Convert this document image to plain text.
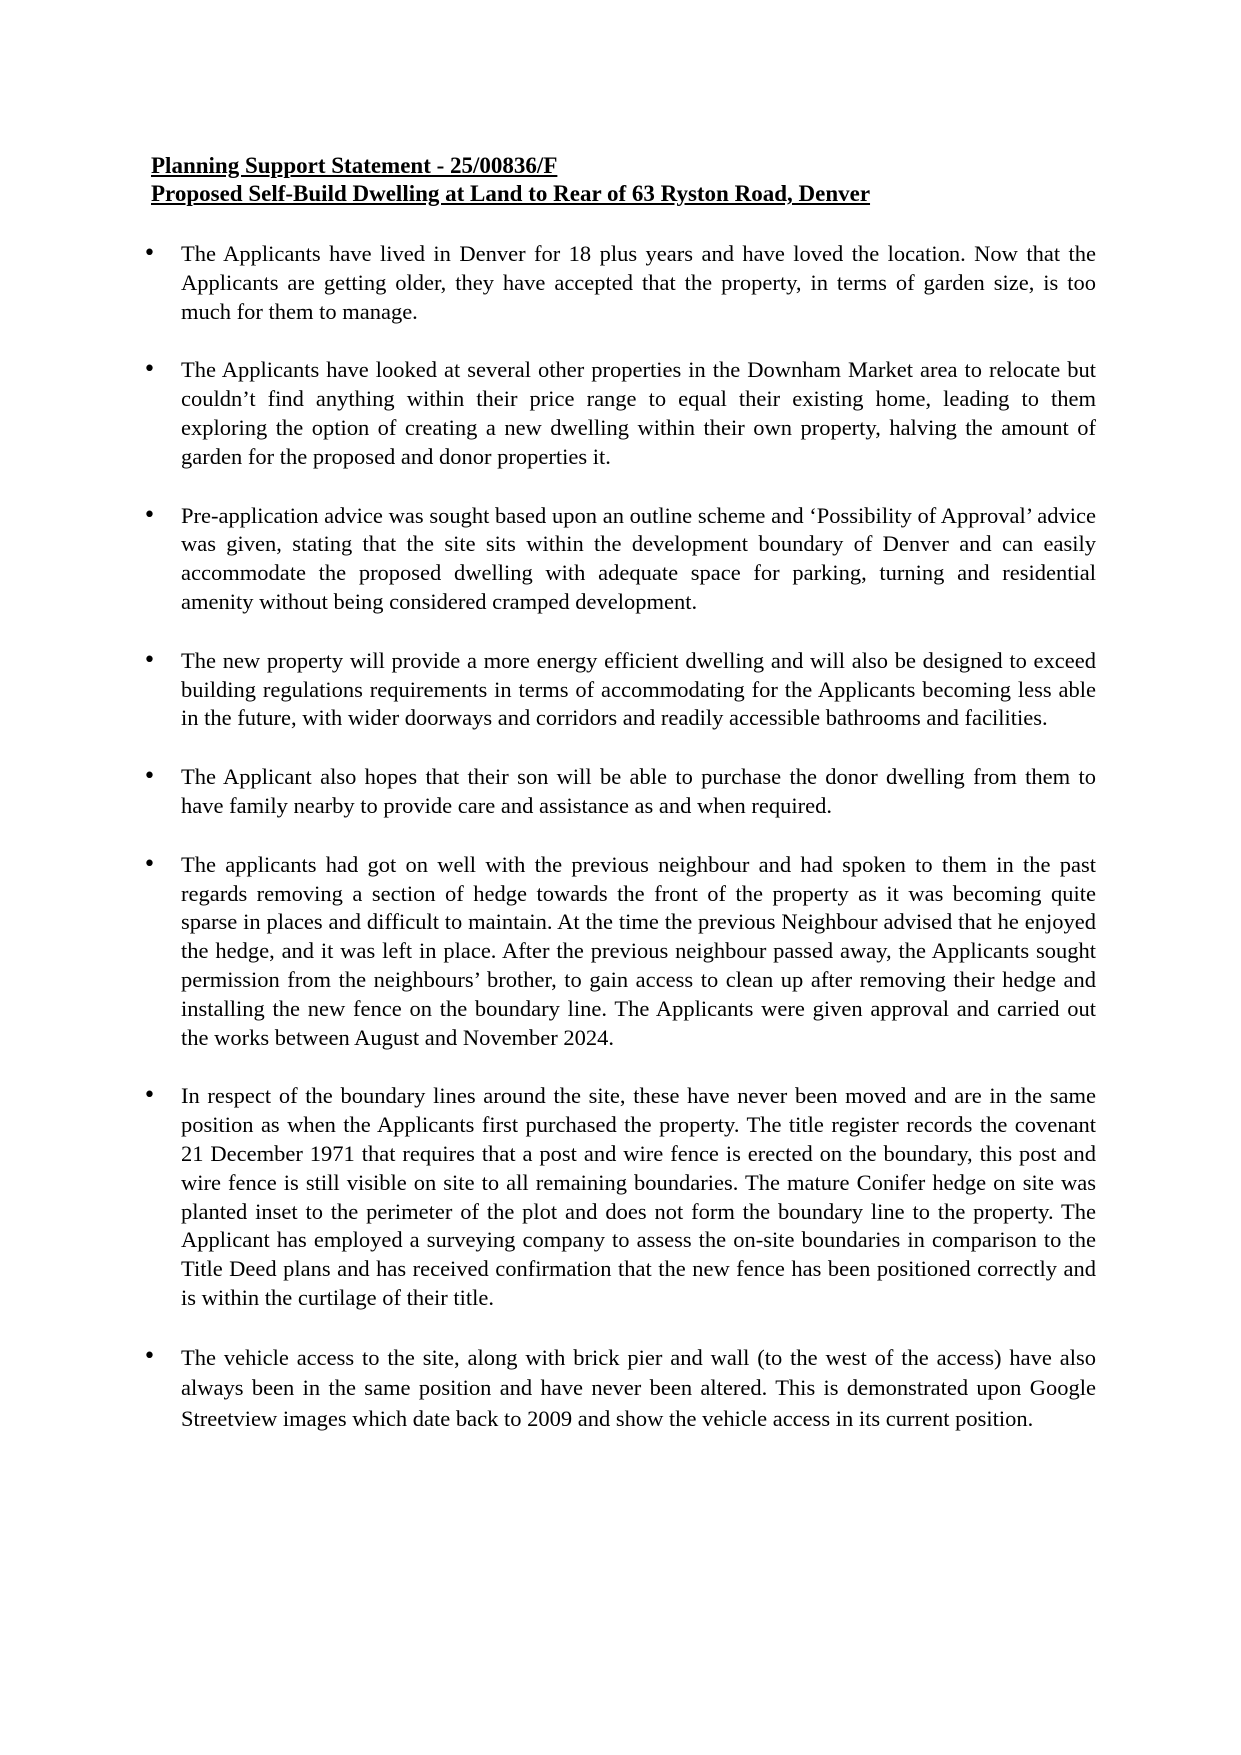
Planning Support Statement - 25/00836/F
Proposed Self-Build Dwelling at Land to Rear of 63 Ryston Road, Denver
• The Applicants have lived in Denver for 18 plus years and have loved the location. Now that the Applicants are getting older, they have accepted that the property, in terms of garden size, is too much for them to manage.
• The Applicants have looked at several other properties in the Downham Market area to relocate but couldn’t find anything within their price range to equal their existing home, leading to them exploring the option of creating a new dwelling within their own property, halving the amount of garden for the proposed and donor properties it.
• Pre-application advice was sought based upon an outline scheme and ‘Possibility of Approval’ advice was given, stating that the site sits within the development boundary of Denver and can easily accommodate the proposed dwelling with adequate space for parking, turning and residential amenity without being considered cramped development.
• The new property will provide a more energy efficient dwelling and will also be designed to exceed building regulations requirements in terms of accommodating for the Applicants becoming less able in the future, with wider doorways and corridors and readily accessible bathrooms and facilities.
• The Applicant also hopes that their son will be able to purchase the donor dwelling from them to have family nearby to provide care and assistance as and when required.
• The applicants had got on well with the previous neighbour and had spoken to them in the past regards removing a section of hedge towards the front of the property as it was becoming quite sparse in places and difficult to maintain. At the time the previous Neighbour advised that he enjoyed the hedge, and it was left in place. After the previous neighbour passed away, the Applicants sought permission from the neighbours’ brother, to gain access to clean up after removing their hedge and installing the new fence on the boundary line. The Applicants were given approval and carried out the works between August and November 2024.
• In respect of the boundary lines around the site, these have never been moved and are in the same position as when the Applicants first purchased the property. The title register records the covenant 21 December 1971 that requires that a post and wire fence is erected on the boundary, this post and wire fence is still visible on site to all remaining boundaries. The mature Conifer hedge on site was planted inset to the perimeter of the plot and does not form the boundary line to the property. The Applicant has employed a surveying company to assess the on-site boundaries in comparison to the Title Deed plans and has received confirmation that the new fence has been positioned correctly and is within the curtilage of their title.
• The vehicle access to the site, along with brick pier and wall (to the west of the access) have also always been in the same position and have never been altered. This is demonstrated upon Google Streetview images which date back to 2009 and show the vehicle access in its current position.
